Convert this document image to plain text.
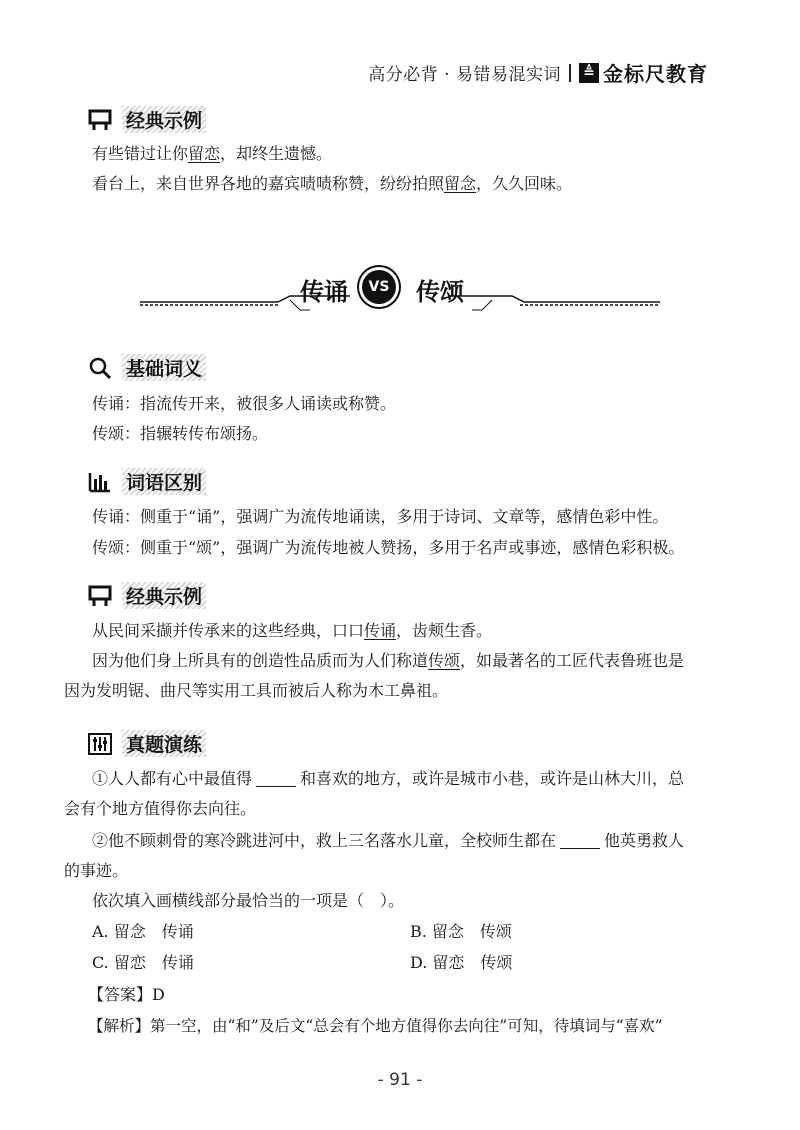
高分必背 · 易错易混实词 ≜ 金标尺教育
经典示例
有些错过让你留恋，却终生遗憾。
看台上，来自世界各地的嘉宾啧啧称赞，纷纷拍照留念，久久回味。
传诵	VS 传颂
基础词义
传诵：指流传开来，被很多人诵读或称赞。
传颂：指辗转传布颂扬。
词语区别
传诵：侧重于“诵”，强调广为流传地诵读，多用于诗词、文章等，感情色彩中性。
传颂：侧重于“颂”，强调广为流传地被人赞扬，多用于名声或事迹，感情色彩积极。
经典示例
从民间采撷并传承来的这些经典，口口传诵，齿颊生香。
因为他们身上所具有的创造性品质而为人们称道传颂，如最著名的工匠代表鲁班也是
因为发明锯、曲尺等实用工具而被后人称为木工鼻祖。
真题演练
①人人都有心中最值得	和喜欢的地方，或许是城市小巷，或许是山林大川，总
会有个地方值得你去向往。
②他不顾刺骨的寒冷跳进河中，救上三名落水儿童，全校师生都在	他英勇救人
的事迹。
依次填入画横线部分最恰当的一项是（　）。
A. 留念　传诵	B. 留念　传颂
C. 留恋　传诵	D. 留恋　传颂
【答案】D
【解析】第一空，由“和”及后文“总会有个地方值得你去向往”可知，待填词与“喜欢”
- 91 -
